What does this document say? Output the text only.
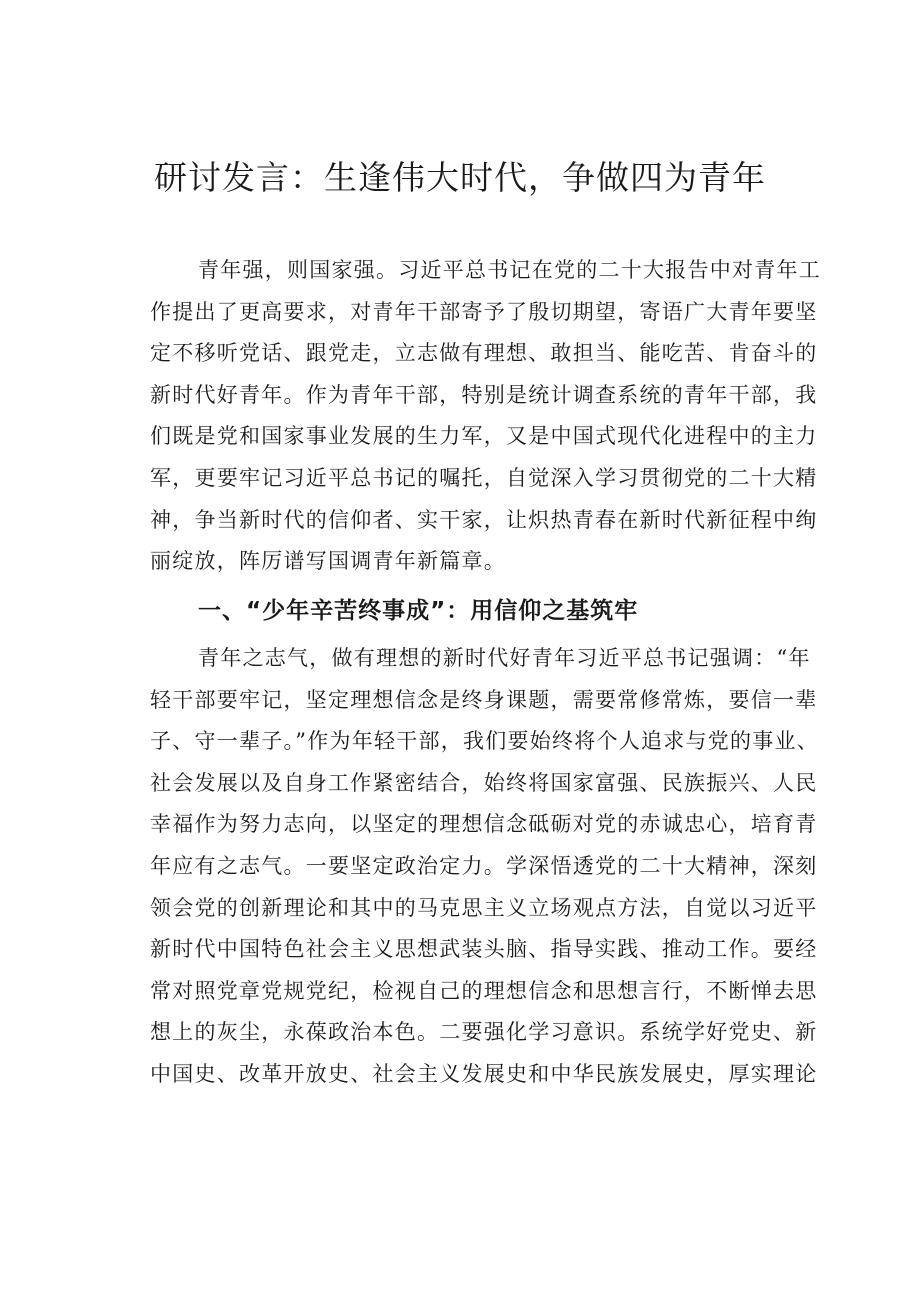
研讨发言：生逢伟大时代，争做四为青年
青年强，则国家强。习近平总书记在党的二十大报告中对青年工
作提出了更高要求，对青年干部寄予了殷切期望，寄语广大青年要坚
定不移听党话、跟党走，立志做有理想、敢担当、能吃苦、肯奋斗的
新时代好青年。作为青年干部，特别是统计调查系统的青年干部，我
们既是党和国家事业发展的生力军，又是中国式现代化进程中的主力
军，更要牢记习近平总书记的嘱托，自觉深入学习贯彻党的二十大精
神，争当新时代的信仰者、实干家，让炽热青春在新时代新征程中绚
丽绽放，阵厉谱写国调青年新篇章。
一、“少年辛苦终事成”：用信仰之基筑牢
青年之志气，做有理想的新时代好青年习近平总书记强调：“年
轻干部要牢记，坚定理想信念是终身课题，需要常修常炼，要信一辈
子、守一辈子。”作为年轻干部，我们要始终将个人追求与党的事业、
社会发展以及自身工作紧密结合，始终将国家富强、民族振兴、人民
幸福作为努力志向，以坚定的理想信念砥砺对党的赤诚忠心，培育青
年应有之志气。一要坚定政治定力。学深悟透党的二十大精神，深刻
领会党的创新理论和其中的马克思主义立场观点方法，自觉以习近平
新时代中国特色社会主义思想武装头脑、指导实践、推动工作。要经
常对照党章党规党纪，检视自己的理想信念和思想言行，不断惮去思
想上的灰尘，永葆政治本色。二要强化学习意识。系统学好党史、新
中国史、改革开放史、社会主义发展史和中华民族发展史，厚实理论
